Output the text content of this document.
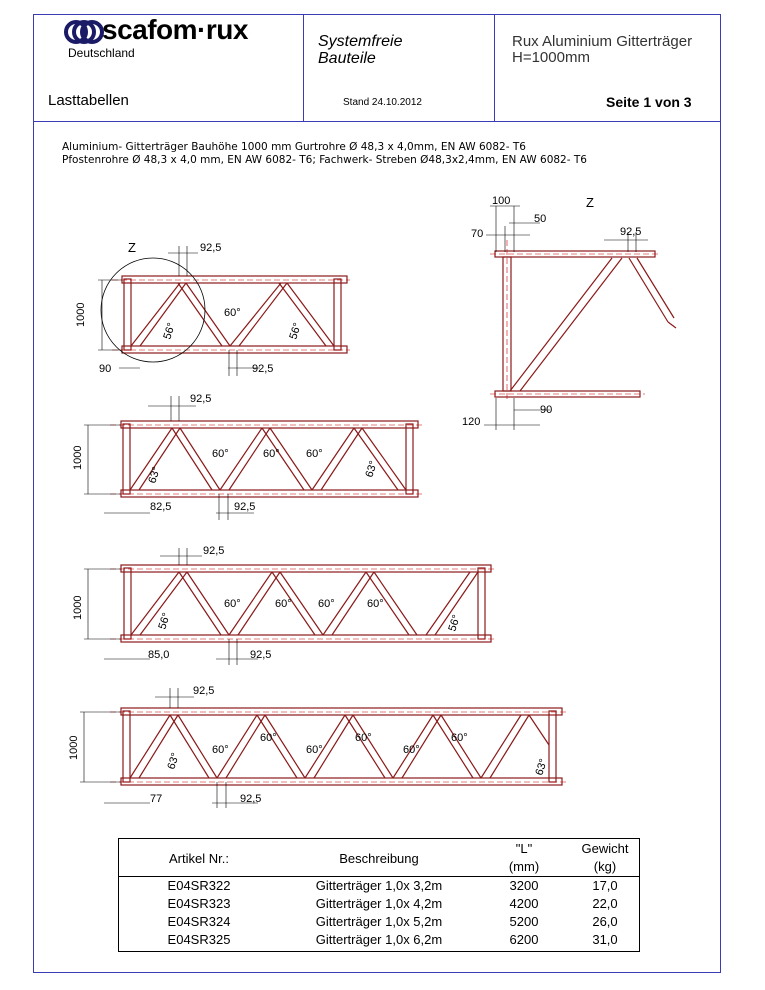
scafom·rux
Deutschland
Systemfreie
Bauteile
Rux Aluminium Gitterträger
H=1000mm
Lasttabellen	Stand 24.10.2012	Seite 1 von 3
Aluminium- Gitterträger Bauhöhe 1000 mm Gurtrohre Ø 48,3 x 4,0mm, EN AW 6082- T6
Pfostenrohre Ø 48,3 x 4,0 mm, EN AW 6082- T6; Fachwerk- Streben Ø48,3x2,4mm, EN AW 6082- T6
Z	92,5
90	92,5
1000	60°
56°	56°
100
50
70
Z
92,5
120
90
1000
92,5
82,5	92,5
60°	60° 60°
63°	63°
1000
92,5
85,0	92,5
60°	60° 60°	60°
56°	56°
1000
92,5
77	92,5
60°
60°
60°
60°
60°
60°
63°	63°
Artikel Nr.:	Beschreibung
"L"
(mm)
Gewicht
(kg)
E04SR322	Gitterträger 1,0x 3,2m	3200	17,0
E04SR323	Gitterträger 1,0x 4,2m	4200	22,0
E04SR324	Gitterträger 1,0x 5,2m	5200	26,0
E04SR325	Gitterträger 1,0x 6,2m	6200	31,0
